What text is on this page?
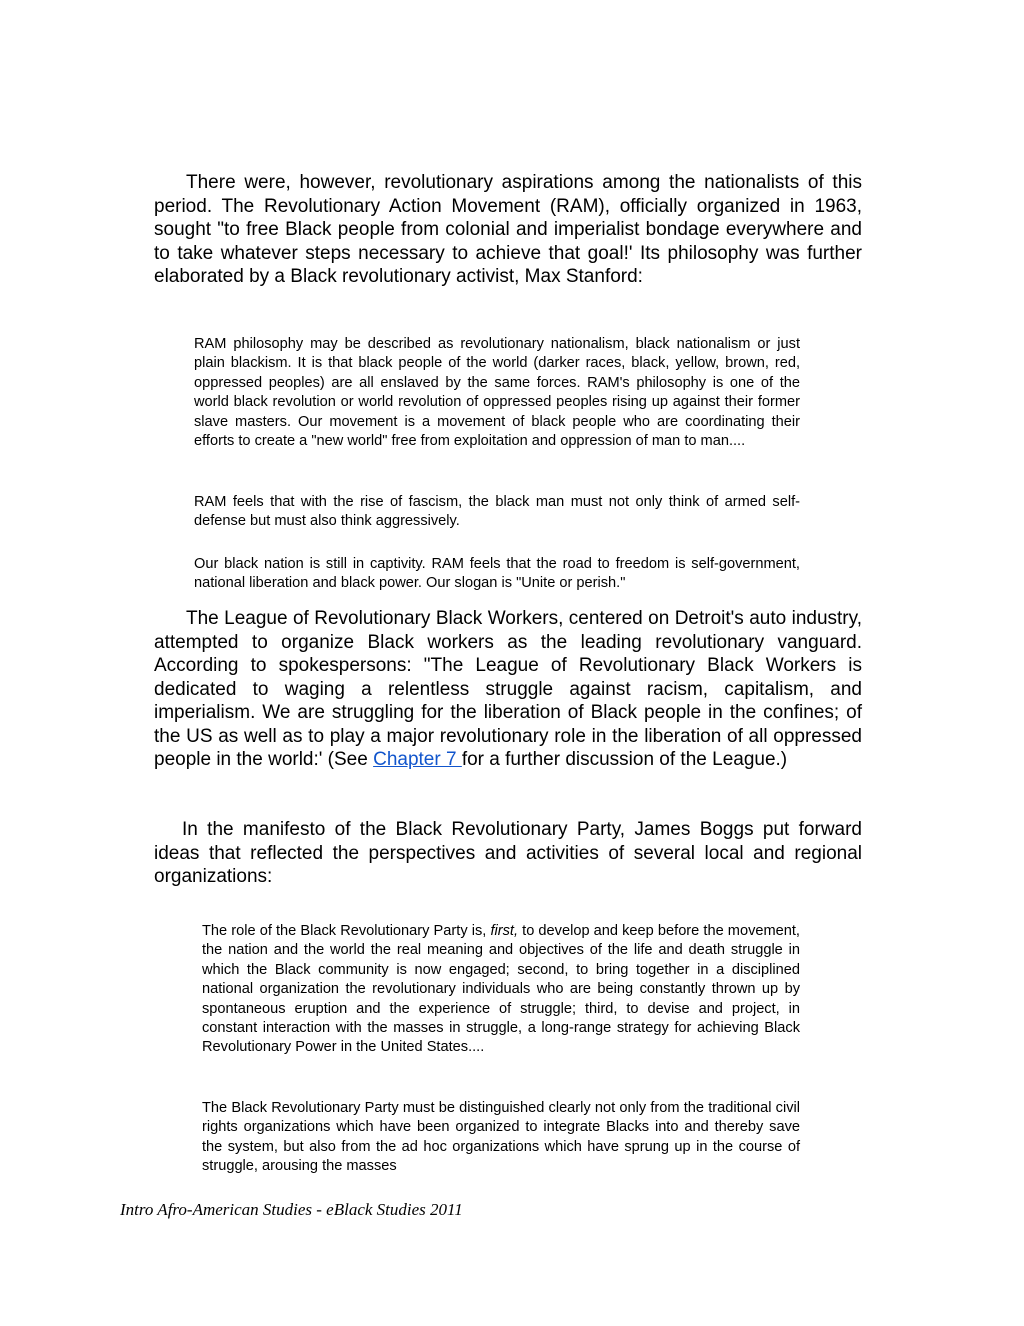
There were, however, revolutionary aspirations among the nationalists of this period. The Revolutionary Action Movement (RAM), officially organized in 1963, sought "to free Black people from colonial and imperialist bondage everywhere and to take whatever steps necessary to achieve that goal!' Its philosophy was further elaborated by a Black revolutionary activist, Max Stanford:

RAM philosophy may be described as revolutionary nationalism, black nationalism or just plain blackism. It is that black people of the world (darker races, black, yellow, brown, red, oppressed peoples) are all enslaved by the same forces. RAM's philosophy is one of the world black revolution or world revolution of oppressed peoples rising up against their former slave masters. Our movement is a movement of black people who are coordinating their efforts to create a "new world" free from exploitation and oppression of man to man....

RAM feels that with the rise of fascism, the black man must not only think of armed self-defense but must also think aggressively.

Our black nation is still in captivity. RAM feels that the road to freedom is self-government, national liberation and black power. Our slogan is "Unite or perish."

The League of Revolutionary Black Workers, centered on Detroit's auto industry, attempted to organize Black workers as the leading revolutionary vanguard. According to spokespersons: "The League of Revolutionary Black Workers is dedicated to waging a relentless struggle against racism, capitalism, and imperialism. We are struggling for the liberation of Black people in the confines; of the US as well as to play a major revolutionary role in the liberation of all oppressed people in the world:' (See Chapter 7 for a further discussion of the League.)

In the manifesto of the Black Revolutionary Party, James Boggs put forward ideas that reflected the perspectives and activities of several local and regional organizations:

The role of the Black Revolutionary Party is, first, to develop and keep before the movement, the nation and the world the real meaning and objectives of the life and death struggle in which the Black community is now engaged; second, to bring together in a disciplined national organization the revolutionary individuals who are being constantly thrown up by spontaneous eruption and the experience of struggle; third, to devise and project, in constant interaction with the masses in struggle, a long-range strategy for achieving Black Revolutionary Power in the United States....

The Black Revolutionary Party must be distinguished clearly not only from the traditional civil rights organizations which have been organized to integrate Blacks into and thereby save the system, but also from the ad hoc organizations which have sprung up in the course of struggle, arousing the masses

Intro Afro-American Studies - eBlack Studies 2011
